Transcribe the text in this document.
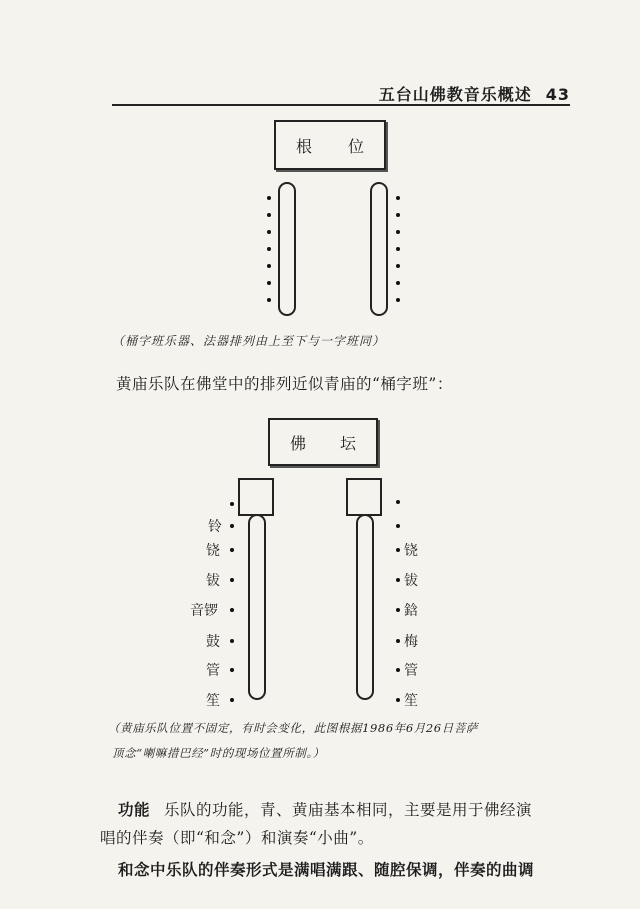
五台山佛教音乐概述 43
根 位
（桶字班乐器、法器排列由上至下与一字班同）
黄庙乐队在佛堂中的排列近似青庙的“桶字班”：
佛 坛
铃
铙
钹
音锣
鼓
管
笙
铙
钹
鋡
梅
管
笙
（黄庙乐队位置不固定，有时会变化，此图根据1986年6月26日菩萨
顶念“喇嘛措巴经”时的现场位置所制。）
功能 乐队的功能，青、黄庙基本相同，主要是用于佛经演
唱的伴奏（即“和念”）和演奏“小曲”。
和念中乐队的伴奏形式是满唱满跟、随腔保调，伴奏的曲调
